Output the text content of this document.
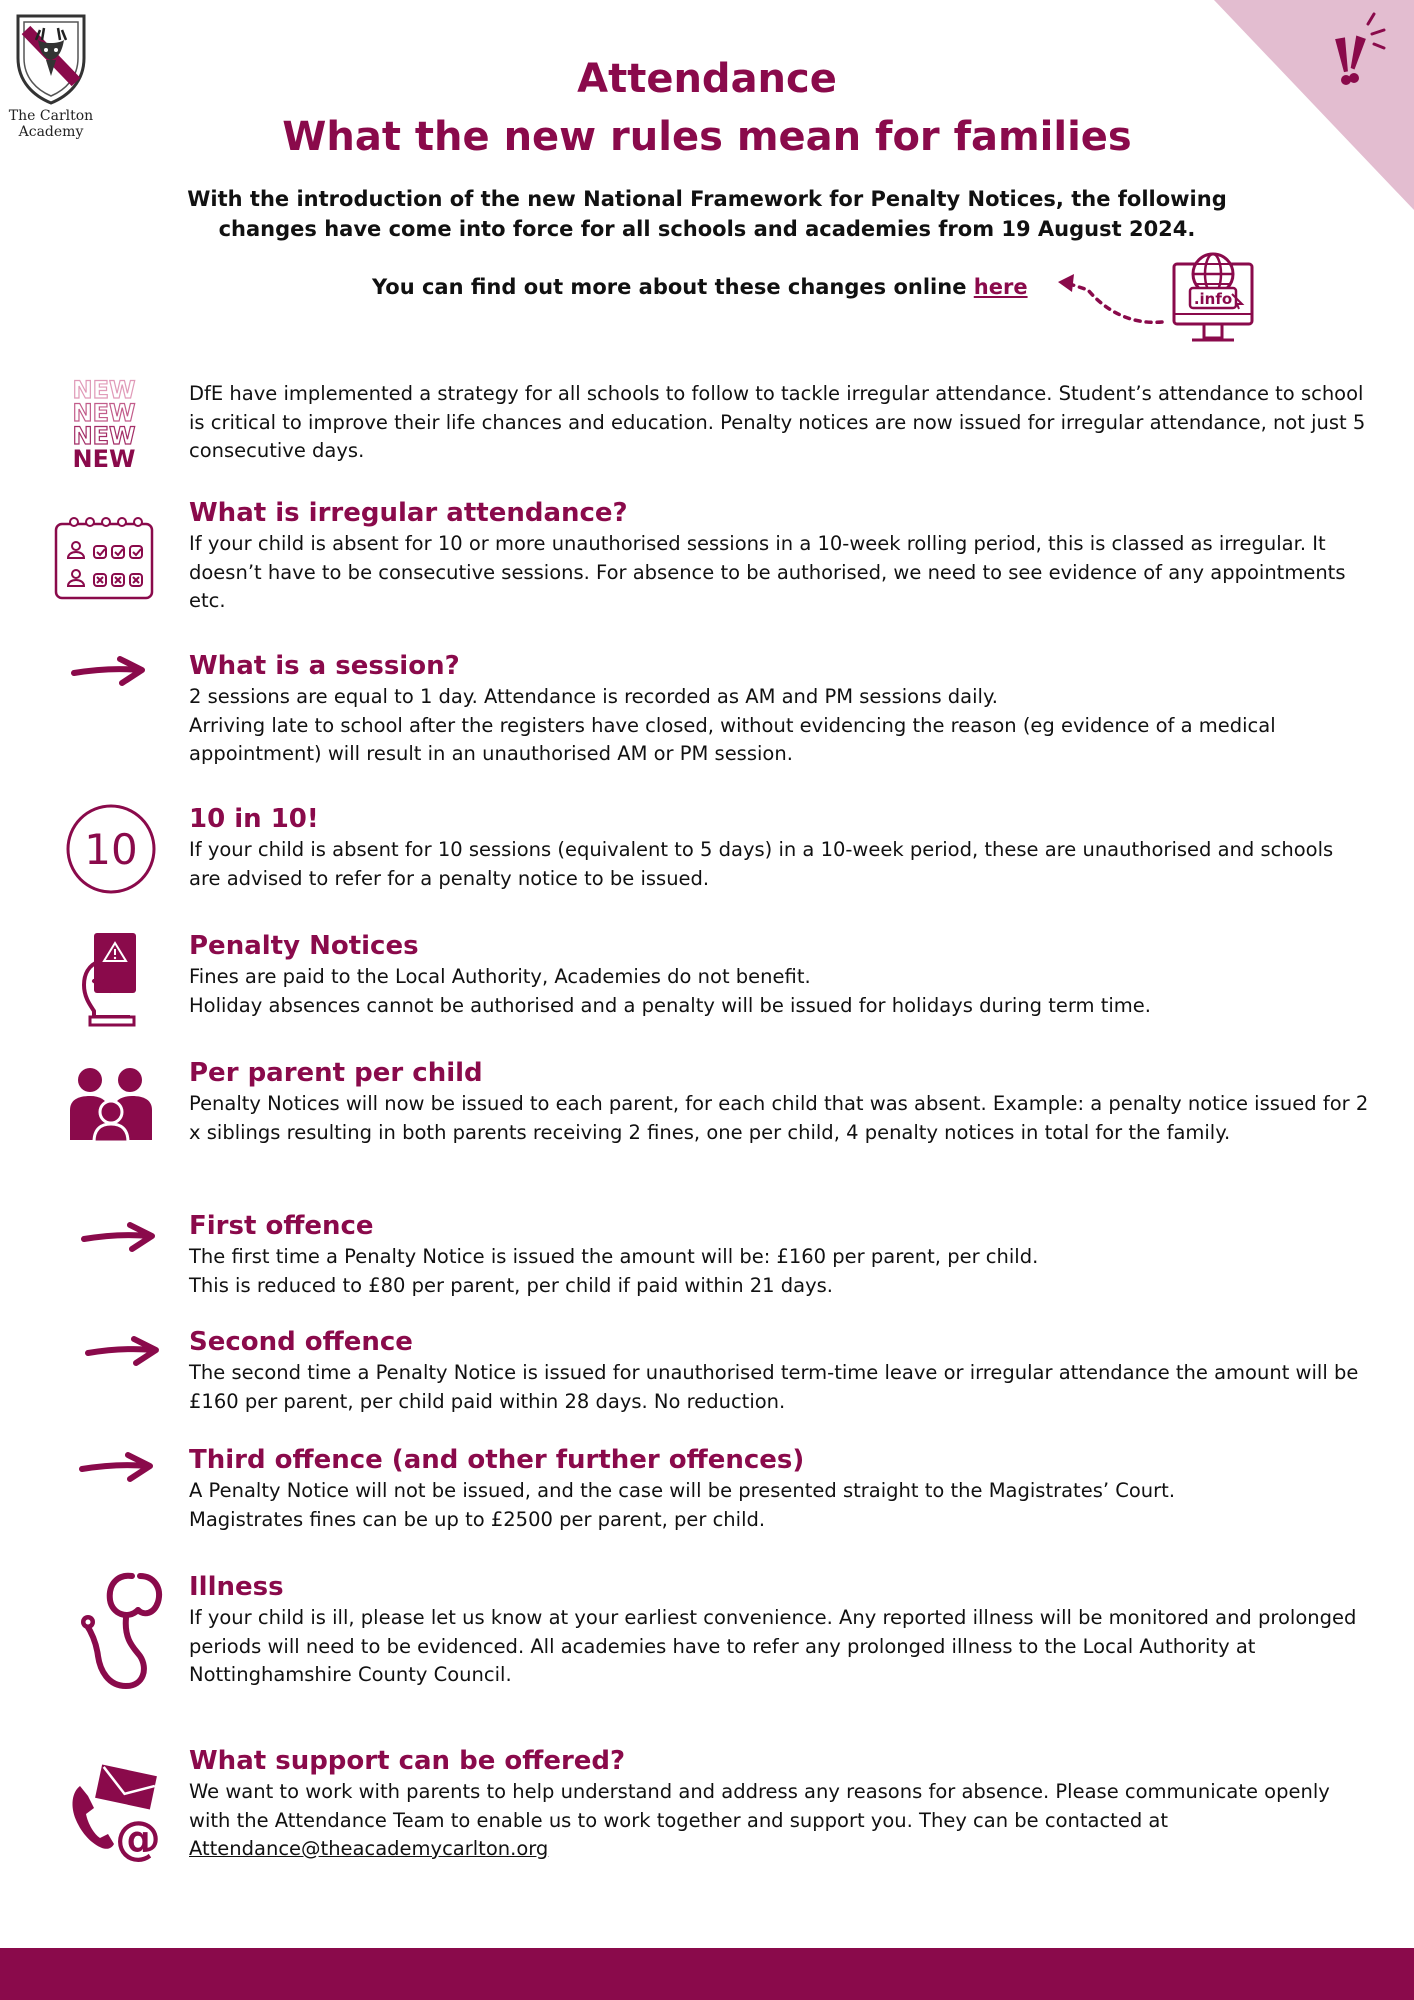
The Carlton Academy
Attendance
What the new rules mean for families
With the introduction of the new National Framework for Penalty Notices, the following changes have come into force for all schools and academies from 19 August 2024.
You can find out more about these changes online here	.info
NEW
NEW
NEW
NEW

DfE have implemented a strategy for all schools to follow to tackle irregular attendance. Student’s attendance to school is critical to improve their life chances and education. Penalty notices are now issued for irregular attendance, not just 5 consecutive days.

What is irregular attendance?

If your child is absent for 10 or more unauthorised sessions in a 10-week rolling period, this is classed as irregular. It doesn’t have to be consecutive sessions. For absence to be authorised, we need to see evidence of any appointments etc.

What is a session?

2 sessions are equal to 1 day. Attendance is recorded as AM and PM sessions daily.

Arriving late to school after the registers have closed, without evidencing the reason (eg evidence of a medical appointment) will result in an unauthorised AM or PM session.

10
10 in 10!

If your child is absent for 10 sessions (equivalent to 5 days) in a 10-week period, these are unauthorised and schools are advised to refer for a penalty notice to be issued.

Penalty Notices

Fines are paid to the Local Authority, Academies do not benefit.

Holiday absences cannot be authorised and a penalty will be issued for holidays during term time.

Per parent per child

Penalty Notices will now be issued to each parent, for each child that was absent. Example: a penalty notice issued for 2 x siblings resulting in both parents receiving 2 fines, one per child, 4 penalty notices in total for the family.

First offence

The first time a Penalty Notice is issued the amount will be: £160 per parent, per child.

This is reduced to £80 per parent, per child if paid within 21 days.

Second offence

The second time a Penalty Notice is issued for unauthorised term-time leave or irregular attendance the amount will be £160 per parent, per child paid within 28 days. No reduction.

Third offence (and other further offences)

A Penalty Notice will not be issued, and the case will be presented straight to the Magistrates’ Court.

Magistrates fines can be up to £2500 per parent, per child.

Illness

If your child is ill, please let us know at your earliest convenience. Any reported illness will be monitored and prolonged periods will need to be evidenced. All academies have to refer any prolonged illness to the Local Authority at Nottinghamshire County Council.

@
What support can be offered?

We want to work with parents to help understand and address any reasons for absence. Please communicate openly with the Attendance Team to enable us to work together and support you. They can be contacted at Attendance@theacademycarlton.org
